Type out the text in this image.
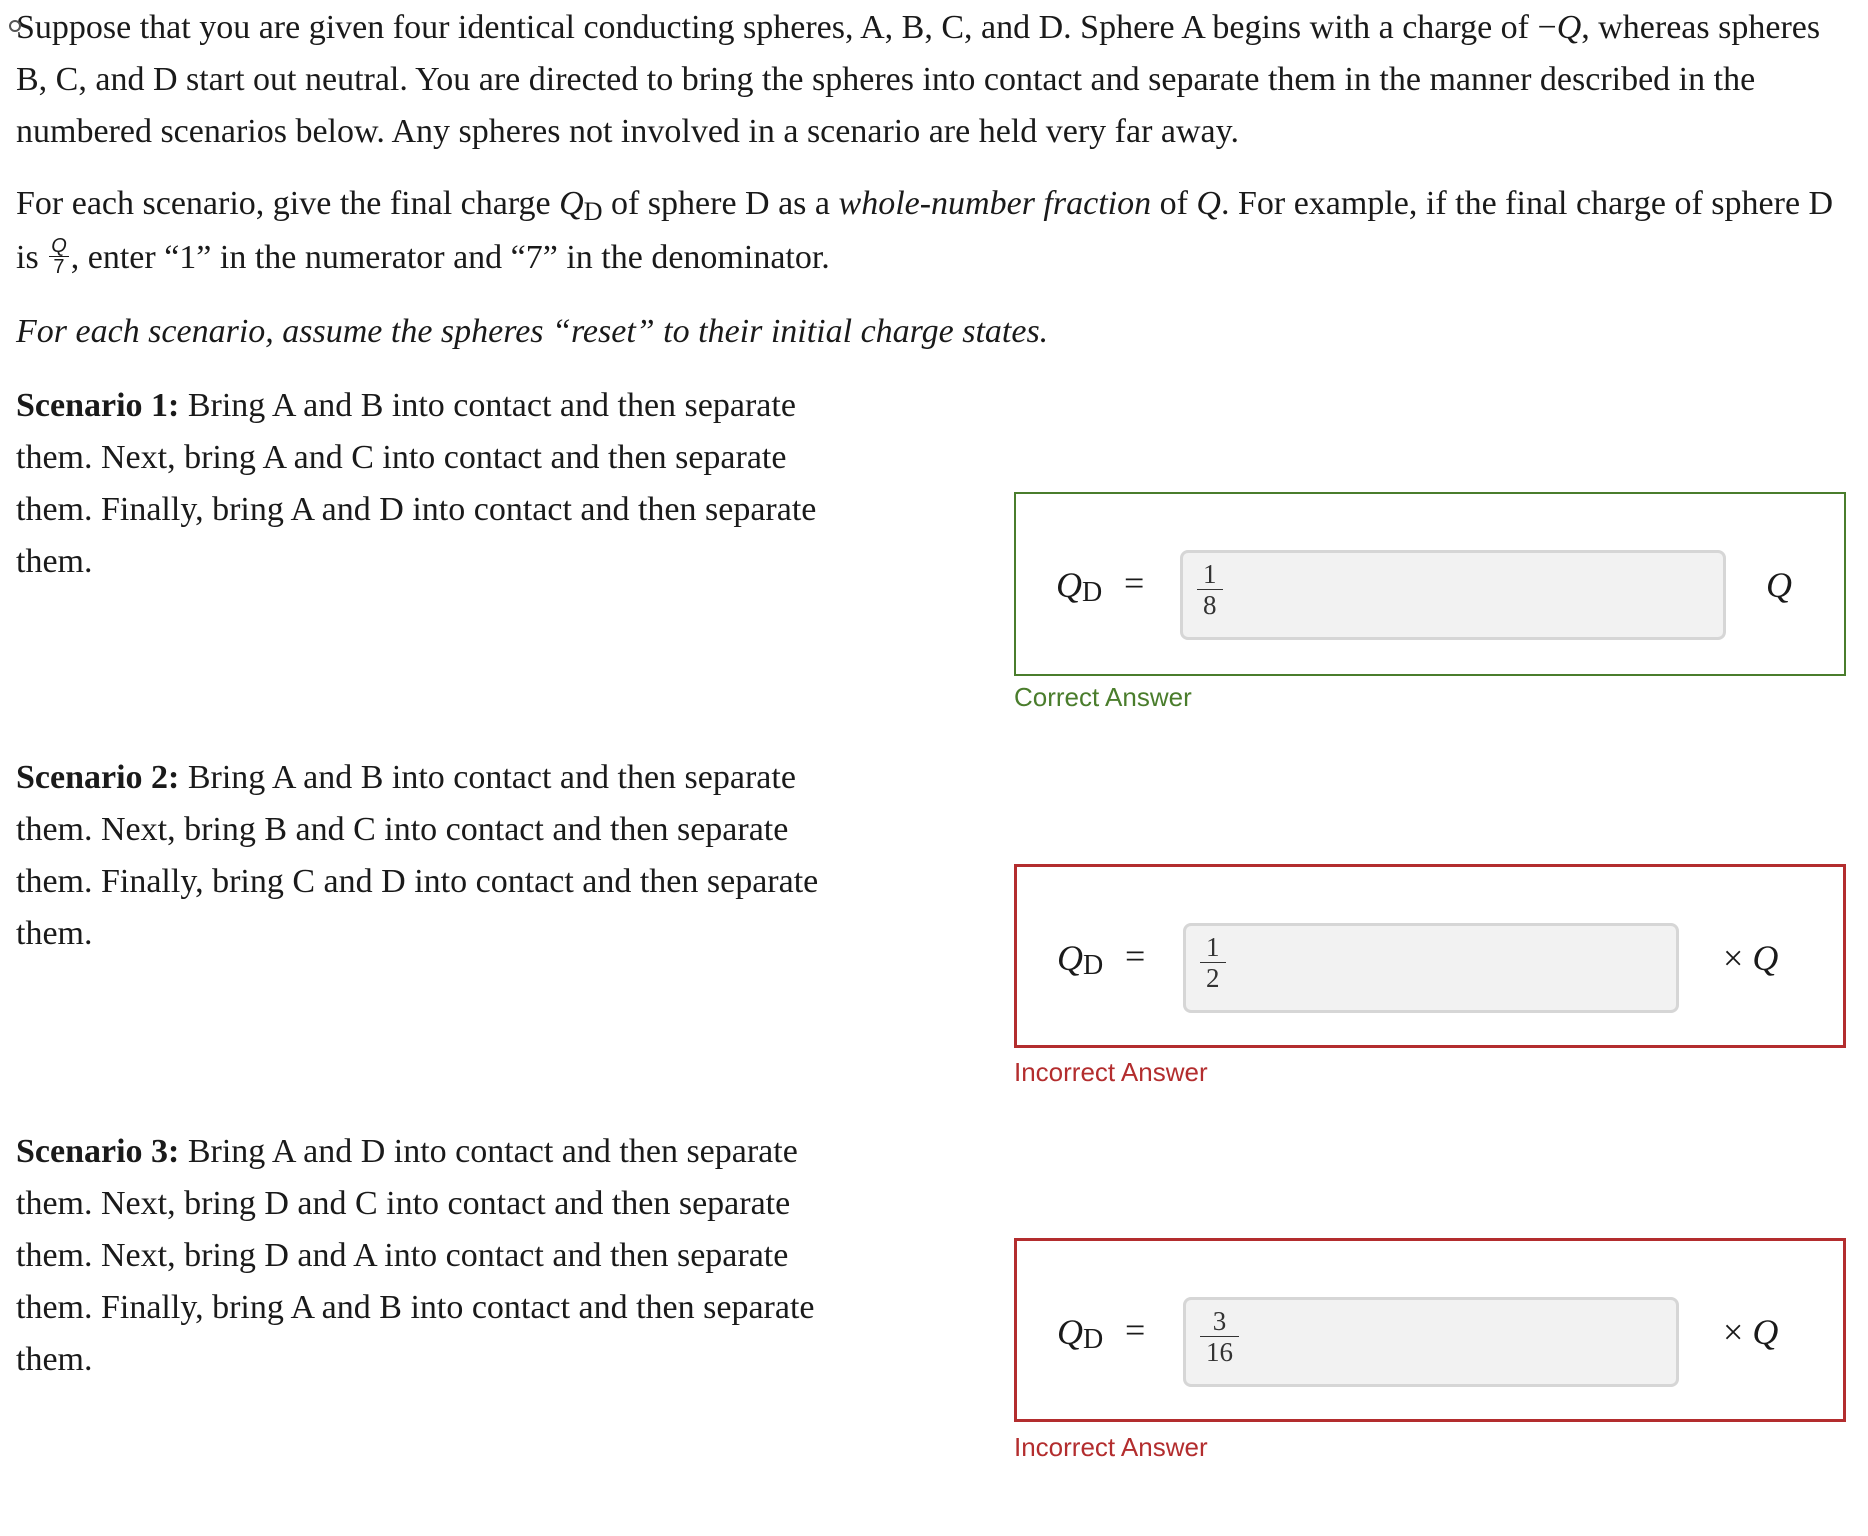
Suppose that you are given four identical conducting spheres, A, B, C, and D. Sphere A begins with a charge of −Q, whereas spheres B, C, and D start out neutral. You are directed to bring the spheres into contact and separate them in the manner described in the numbered scenarios below. Any spheres not involved in a scenario are held very far away.

For each scenario, give the final charge QD of sphere D as a whole-number fraction of Q. For example, if the final charge of sphere D is $\frac{Q}{7}$ , enter “1” in the numerator and “7” in the denominator.

For each scenario, assume the spheres “reset” to their initial charge states.
Scenario 1: Bring A and B into contact and then separate them. Next, bring A and C into contact and then separate them. Finally, bring A and D into contact and then separate them.
QD = $\frac{1}{8}$	Q
Correct Answer
Scenario 2: Bring A and B into contact and then separate them. Next, bring B and C into contact and then separate them. Finally, bring C and D into contact and then separate them.
QD = $\frac{1}{2}$	× Q
Incorrect Answer
Scenario 3: Bring A and D into contact and then separate them. Next, bring D and C into contact and then separate them. Next, bring D and A into contact and then separate them. Finally, bring A and B into contact and then separate them.
QD = $\frac{3}{16}$	× Q
Incorrect Answer
